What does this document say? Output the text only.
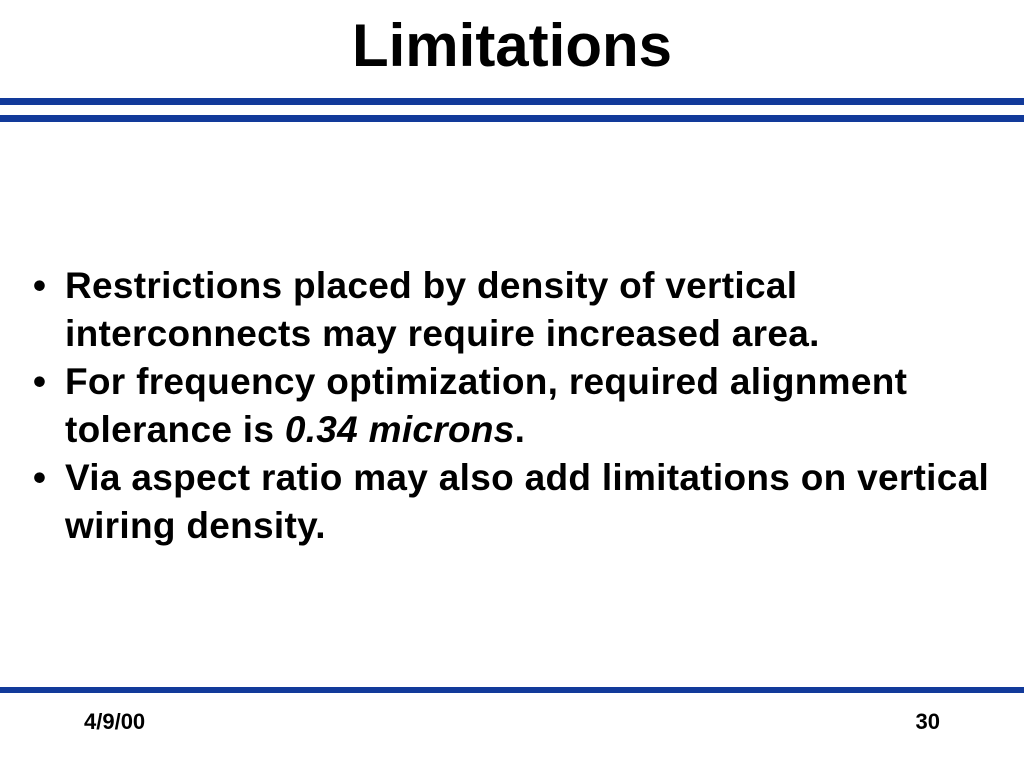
Limitations
• Restrictions placed by density of vertical interconnects may require increased area.
• For frequency optimization, required alignment tolerance is 0.34 microns.
• Via aspect ratio may also add limitations on vertical wiring density.
4/9/00	30
